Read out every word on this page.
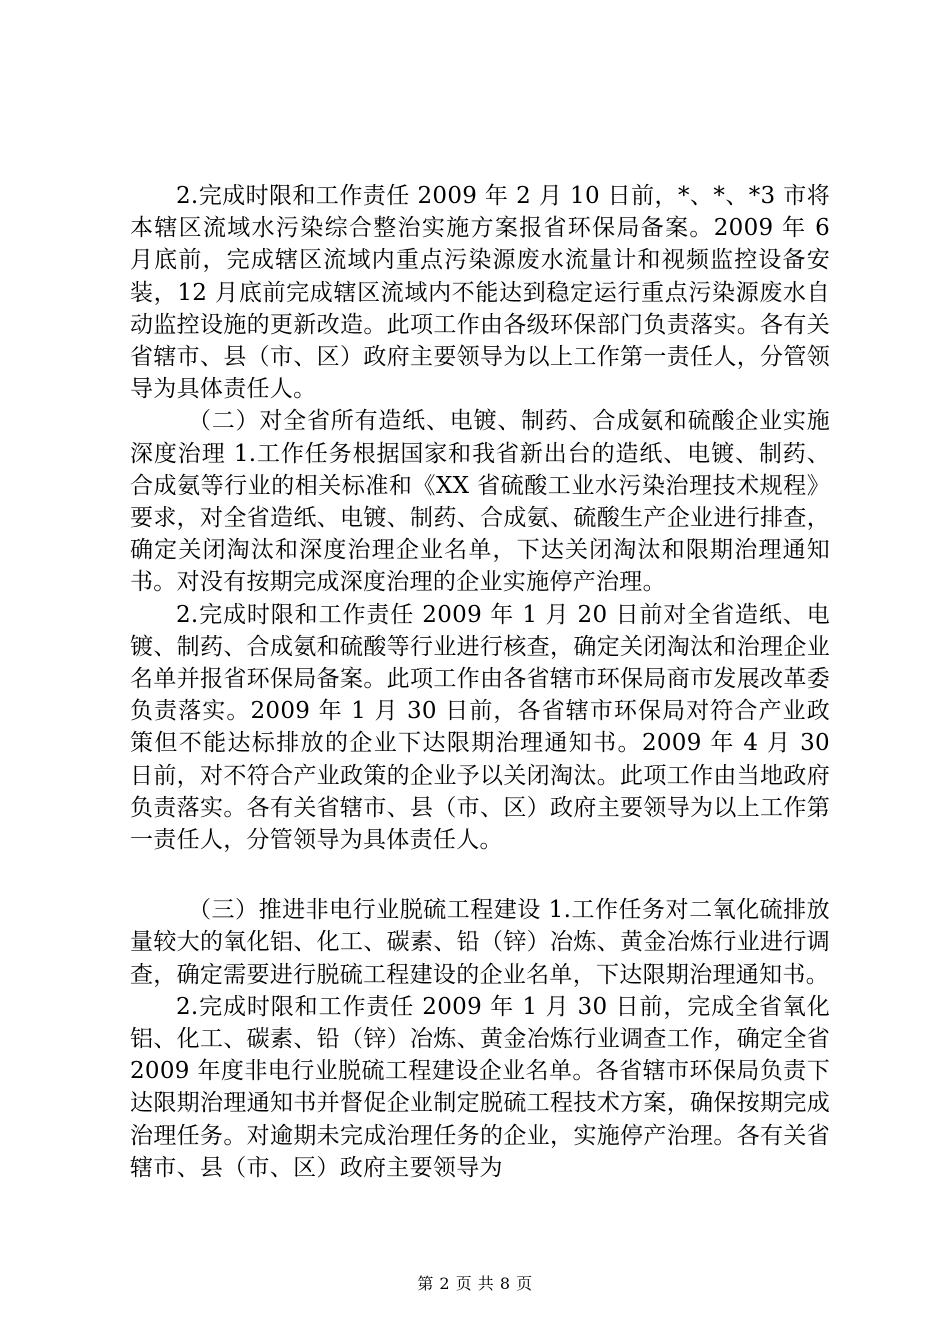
2.完成时限和工作责任 2009 年 2 月 10 日前，*、*、*3 市将本辖区流域水污染综合整治实施方案报省环保局备案。2009 年 6 月底前，完成辖区流域内重点污染源废水流量计和视频监控设备安装，12 月底前完成辖区流域内不能达到稳定运行重点污染源废水自动监控设施的更新改造。此项工作由各级环保部门负责落实。各有关省辖市、县（市、区）政府主要领导为以上工作第一责任人，分管领导为具体责任人。

（二）对全省所有造纸、电镀、制药、合成氨和硫酸企业实施深度治理 1.工作任务根据国家和我省新出台的造纸、电镀、制药、合成氨等行业的相关标准和《XX 省硫酸工业水污染治理技术规程》要求，对全省造纸、电镀、制药、合成氨、硫酸生产企业进行排查，确定关闭淘汰和深度治理企业名单，下达关闭淘汰和限期治理通知书。对没有按期完成深度治理的企业实施停产治理。

2.完成时限和工作责任 2009 年 1 月 20 日前对全省造纸、电镀、制药、合成氨和硫酸等行业进行核查，确定关闭淘汰和治理企业名单并报省环保局备案。此项工作由各省辖市环保局商市发展改革委负责落实。2009 年 1 月 30 日前，各省辖市环保局对符合产业政策但不能达标排放的企业下达限期治理通知书。2009 年 4 月 30 日前，对不符合产业政策的企业予以关闭淘汰。此项工作由当地政府负责落实。各有关省辖市、县（市、区）政府主要领导为以上工作第一责任人，分管领导为具体责任人。

（三）推进非电行业脱硫工程建设 1.工作任务对二氧化硫排放量较大的氧化铝、化工、碳素、铅（锌）冶炼、黄金冶炼行业进行调查，确定需要进行脱硫工程建设的企业名单，下达限期治理通知书。

2.完成时限和工作责任 2009 年 1 月 30 日前，完成全省氧化铝、化工、碳素、铅（锌）冶炼、黄金冶炼行业调查工作，确定全省 2009 年度非电行业脱硫工程建设企业名单。各省辖市环保局负责下达限期治理通知书并督促企业制定脱硫工程技术方案，确保按期完成治理任务。对逾期未完成治理任务的企业，实施停产治理。各有关省辖市、县（市、区）政府主要领导为

第 2 页 共 8 页
